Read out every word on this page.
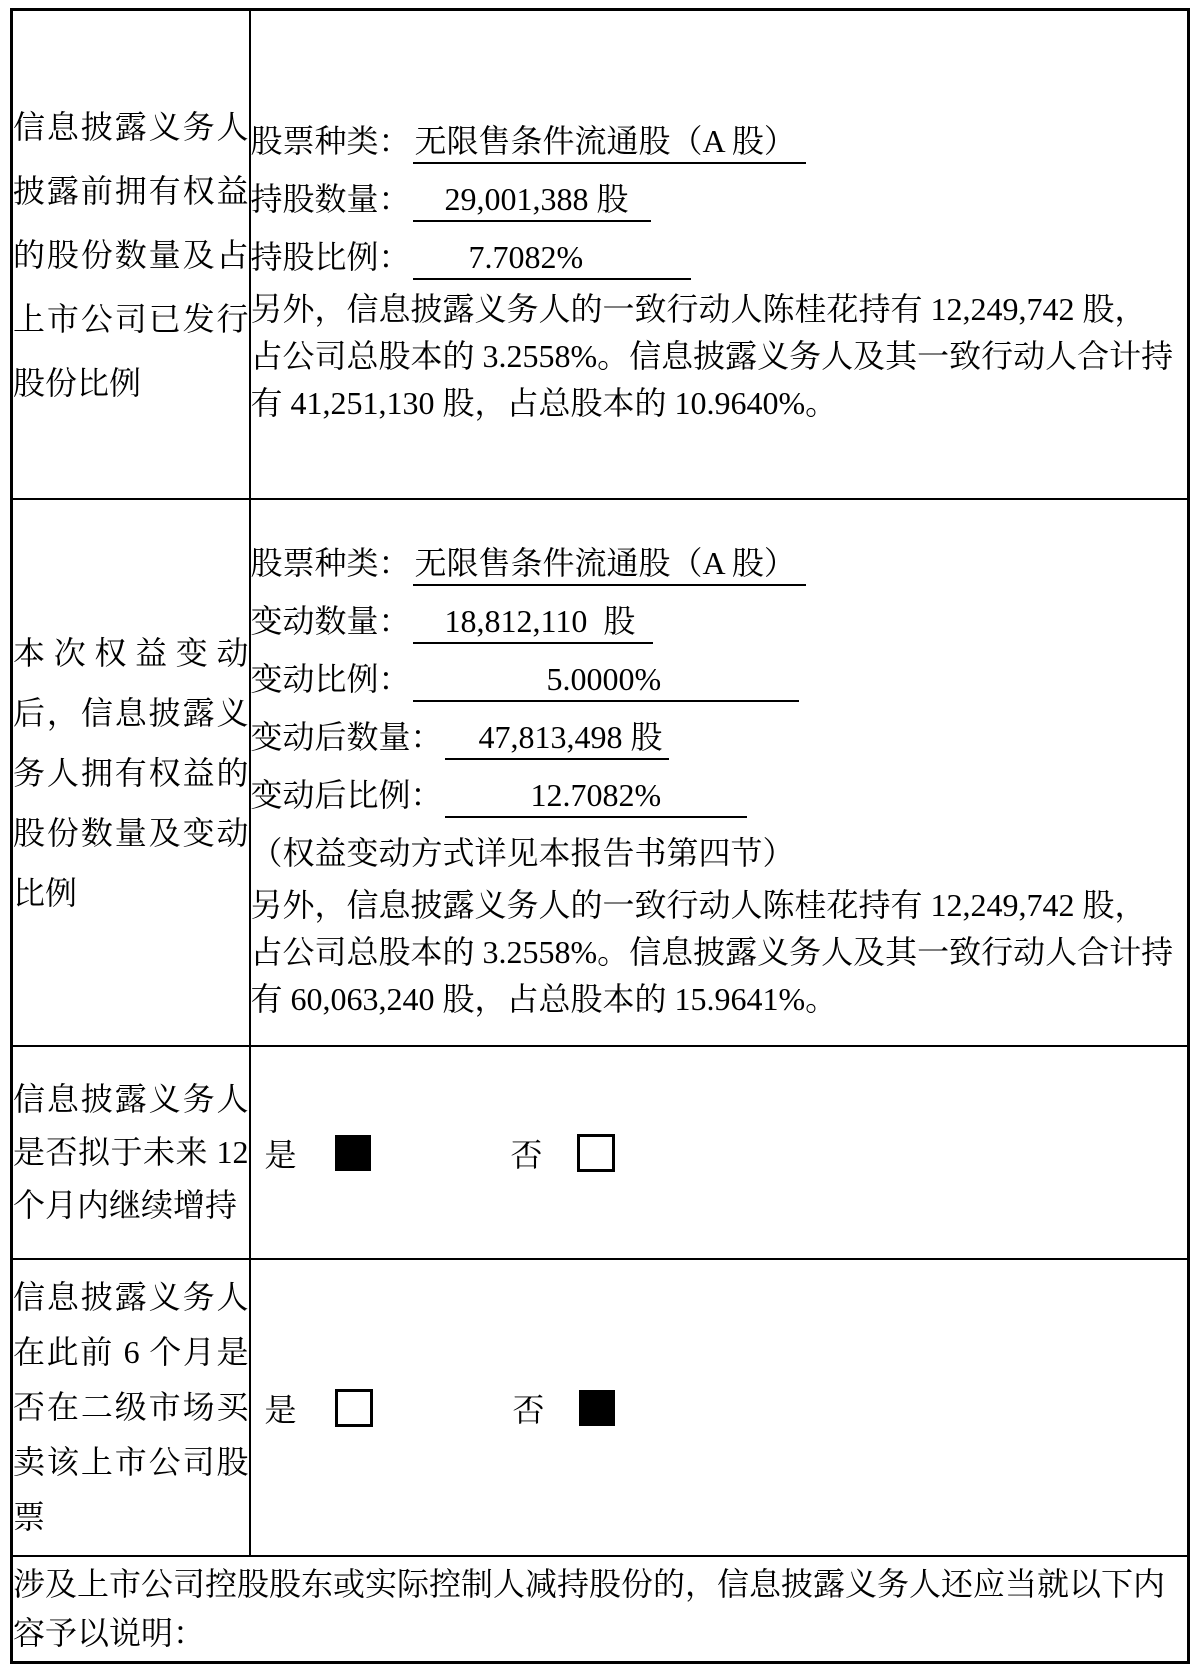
信息披露义务人披露前拥有权益的股份数量及占上市公司已发行股份比例

股票种类： 无限售条件流通股（A 股）
持股数量： 29,001,388 股
持股比例： 7.7082%
另外，信息披露义务人的一致行动人陈桂花持有 12,249,742 股，
占公司总股本的 3.2558%。信息披露义务人及其一致行动人合计持
有 41,251,130 股，占总股本的 10.9640%。

本次权益变动后，信息披露义务人拥有权益的股份数量及变动比例

股票种类： 无限售条件流通股（A 股）
变动数量： 18,812,110  股
变动比例：	5.0000%
变动后数量： 47,813,498 股
变动后比例：	12.7082%
（权益变动方式详见本报告书第四节）
另外，信息披露义务人的一致行动人陈桂花持有 12,249,742 股，
占公司总股本的 3.2558%。信息披露义务人及其一致行动人合计持
有 60,063,240 股，占总股本的 15.9641%。

信息披露义务人是否拟于未来 12 个月内继续增持	是 否

信息披露义务人在此前 6 个月是否在二级市场买卖该上市公司股票	是 否

涉及上市公司控股股东或实际控制人减持股份的，信息披露义务人还应当就以下内
容予以说明：	
